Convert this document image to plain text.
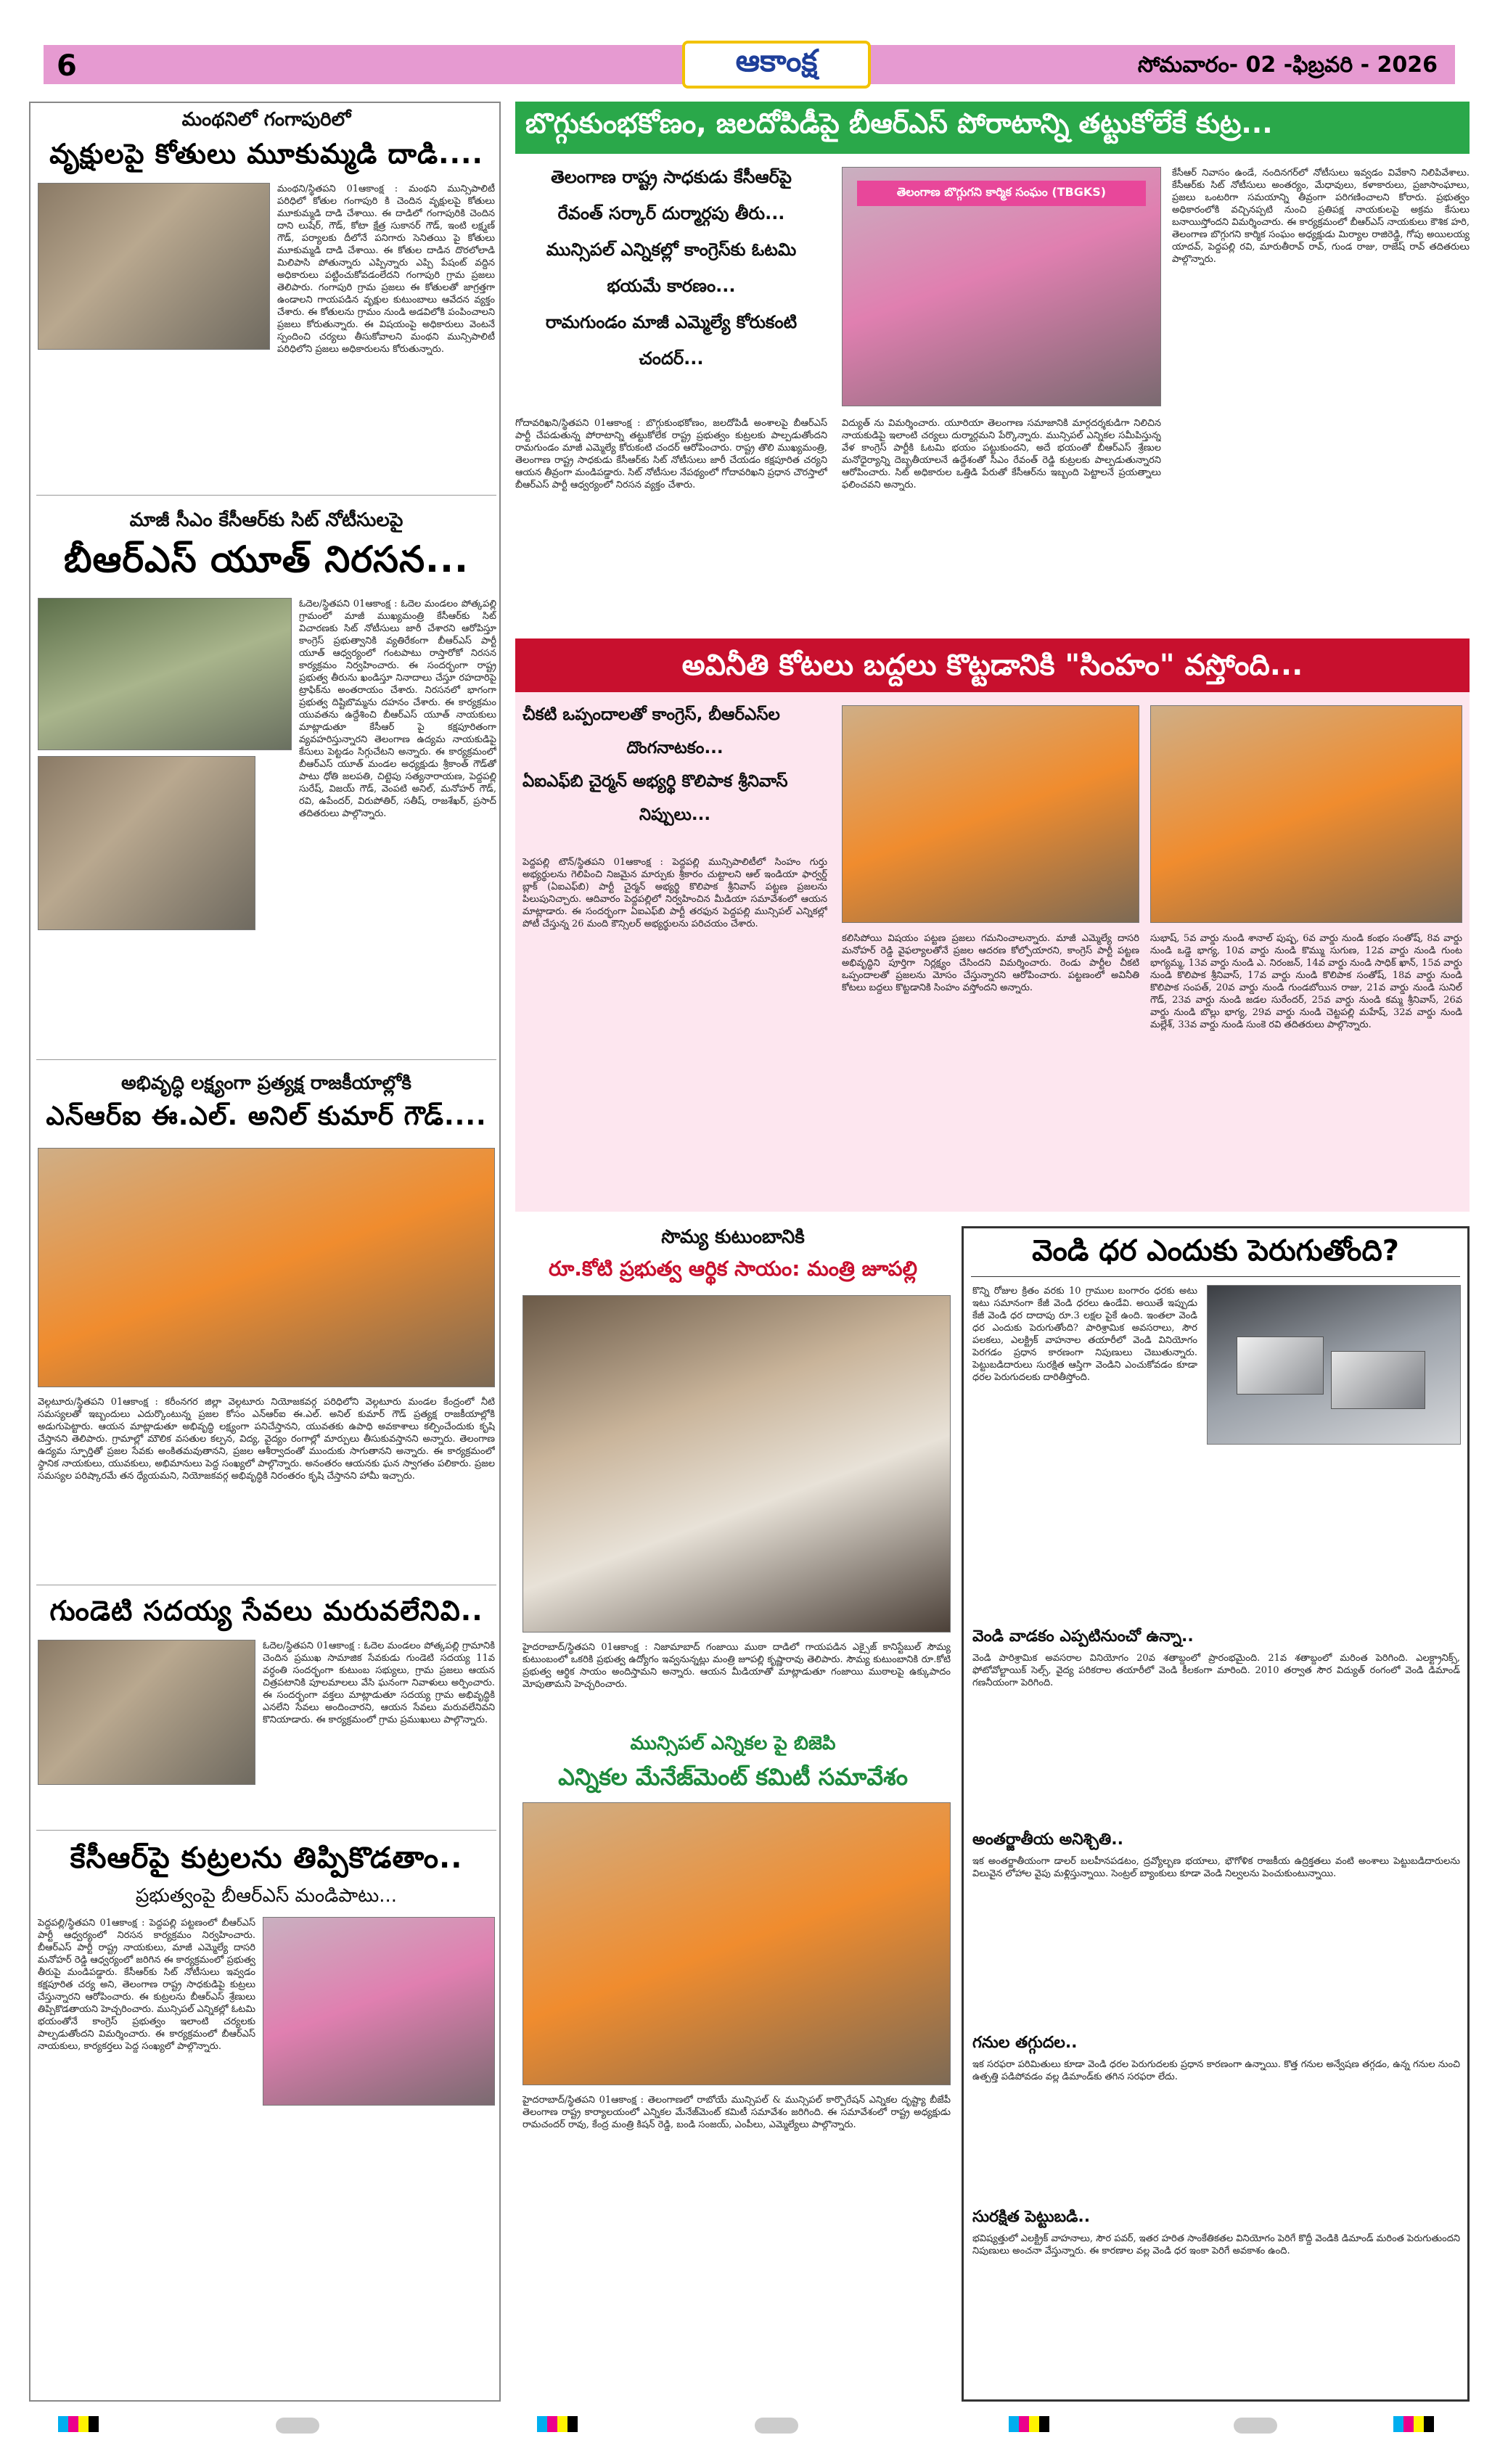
6	ఆకాంక్ష	సోమవారం- 02 -ఫిబ్రవరి - 2026
మంథనిలో గంగాపురిలో
వృక్షులపై కోతులు మూకుమ్మడి దాడి....
మంథని/స్థితపని 01ఆకాంక్ష : మంథని మున్సిపాలిటీ పరిధిలో కోతుల గంగాపురి కి చెందిన వృక్షులపై కోతులు మూకుమ్మడి దాడి చేశాయి. ఈ దాడిలో గంగాపురికి చెందిన దాని లుషేర్, గౌడ్, కోటా క్షేత్ర సుకానర్ గౌడ్, ఇంటి లక్ష్మణ్ గౌడ్, పర్యాలకు దీలోనే పనిగారు సెనితయి పై కోతులు మూకుమ్మడి దాడి చేశాయి. ఈ కోతుల దాడిన దొరలోలాడి మిలిపాసి పోతున్నారు ఎప్పిన్నారు ఎప్పి పేషంట్ వద్దిన అధికారులు పట్టించుకోవడంలేదని గంగాపురి గ్రామ ప్రజలు తెలిపారు. గంగాపురి గ్రామ ప్రజలు ఈ కోతులతో జాగ్రత్తగా ఉండాలని గాయపడిన వృక్షుల కుటుంబాలు ఆవేదన వ్యక్తం చేశారు. ఈ కోతులను గ్రామం నుండి అడవిలోకి పంపించాలని ప్రజలు కోరుతున్నారు. ఈ విషయంపై అధికారులు వెంటనే స్పందించి చర్యలు తీసుకోవాలని మంథని మున్సిపాలిటీ పరిధిలోని ప్రజలు అధికారులను కోరుతున్నారు.
మాజీ సీఎం కేసీఆర్‌కు సిట్ నోటీసులపై
బీఆర్ఎస్ యూత్ నిరసన...
ఓదెల/స్థితపని 01ఆకాంక్ష : ఓదెల మండలం పోత్కపల్లి గ్రామంలో మాజీ ముఖ్యమంత్రి కేసీఆర్‌కు సిట్ విచారణకు సిట్ నోటీసులు జారీ చేశారని ఆరోపిస్తూ కాంగ్రెస్ ప్రభుత్వానికి వ్యతిరేకంగా బీఆర్ఎస్ పార్టీ యూత్ ఆధ్వర్యంలో గంటపాటు రాస్తారోకో నిరసన కార్యక్రమం నిర్వహించారు. ఈ సందర్భంగా రాష్ట్ర ప్రభుత్వ తీరును ఖండిస్తూ నినాదాలు చేస్తూ రహదారిపై ట్రాఫిక్‌ను అంతరాయం చేశారు. నిరసనలో భాగంగా ప్రభుత్వ దిష్టిబొమ్మను దహనం చేశారు. ఈ కార్యక్రమం యువతను ఉద్దేశించి బీఆర్ఎస్ యూత్ నాయకులు మాట్లాడుతూ కేసీఆర్ పై కక్షపూరితంగా వ్యవహరిస్తున్నారని తెలంగాణ ఉద్యమ నాయకుడిపై కేసులు పెట్టడం సిగ్గుచేటని అన్నారు. ఈ కార్యక్రమంలో బీఆర్ఎస్ యూత్ మండల అధ్యక్షుడు శ్రీకాంత్ గౌడ్‌తో పాటు ధోతి జలపతి, చిట్టెపు సత్యనారాయణ, పెద్దపల్లి సురేష్, విజయ్ గౌడ్, వెంపటి అనిల్, మనోహర్ గౌడ్, రవి, ఉపేందర్, విరుపోతిర్, సతీష్, రాజశేఖర్, ప్రసాద్ తదితరులు పాల్గొన్నారు.
అభివృద్ధి లక్ష్యంగా ప్రత్యక్ష రాజకీయాల్లోకి
ఎన్ఆర్ఐ ఈ.ఎల్. అనిల్ కుమార్ గౌడ్....
వెల్గటూరు/స్థితపని 01ఆకాంక్ష : కరీంనగర జిల్లా వెల్గటూరు నియోజకవర్గ పరిధిలోని వెల్గటూరు మండల కేంద్రంలో నీటి సమస్యలతో ఇబ్బందులు ఎదుర్కొంటున్న ప్రజల కోసం ఎన్ఆర్ఐ ఈ.ఎల్. అనిల్ కుమార్ గౌడ్ ప్రత్యక్ష రాజకీయాల్లోకి అడుగుపెట్టారు. ఆయన మాట్లాడుతూ అభివృద్ధి లక్ష్యంగా పనిచేస్తానని, యువతకు ఉపాధి అవకాశాలు కల్పించేందుకు కృషి చేస్తానని తెలిపారు. గ్రామాల్లో మౌలిక వసతుల కల్పన, విద్య, వైద్యం రంగాల్లో మార్పులు తీసుకువస్తానని అన్నారు. తెలంగాణ ఉద్యమ స్ఫూర్తితో ప్రజల సేవకు అంకితమవుతానని, ప్రజల ఆశీర్వాదంతో ముందుకు సాగుతానని అన్నారు. ఈ కార్యక్రమంలో స్థానిక నాయకులు, యువకులు, అభిమానులు పెద్ద సంఖ్యలో పాల్గొన్నారు. అనంతరం ఆయనకు ఘన స్వాగతం పలికారు. ప్రజల సమస్యల పరిష్కారమే తన ధ్యేయమని, నియోజకవర్గ అభివృద్ధికి నిరంతరం కృషి చేస్తానని హామీ ఇచ్చారు.
గుండెటి సదయ్య సేవలు మరువలేనివి..
ఓదెల/స్థితపని 01ఆకాంక్ష : ఓదెల మండలం పోత్కపల్లి గ్రామానికి చెందిన ప్రముఖ సామాజిక సేవకుడు గుండెటి సదయ్య 11వ వర్ధంతి సందర్భంగా కుటుంబ సభ్యులు, గ్రామ ప్రజలు ఆయన చిత్రపటానికి పూలమాలలు వేసి ఘనంగా నివాళులు అర్పించారు. ఈ సందర్భంగా వక్తలు మాట్లాడుతూ సదయ్య గ్రామ అభివృద్ధికి ఎనలేని సేవలు అందించారని, ఆయన సేవలు మరువలేనివని కొనియాడారు. ఈ కార్యక్రమంలో గ్రామ ప్రముఖులు పాల్గొన్నారు.
కేసీఆర్‌పై కుట్రలను తిప్పికొడతాం..
ప్రభుత్వంపై బీఆర్ఎస్ మండిపాటు...
పెద్దపల్లి/స్థితపని 01ఆకాంక్ష : పెద్దపల్లి పట్టణంలో బీఆర్ఎస్ పార్టీ ఆధ్వర్యంలో నిరసన కార్యక్రమం నిర్వహించారు. బీఆర్ఎస్ పార్టీ రాష్ట్ర నాయకులు, మాజీ ఎమ్మెల్యే దాసరి మనోహర్ రెడ్డి ఆధ్వర్యంలో జరిగిన ఈ కార్యక్రమంలో ప్రభుత్వ తీరుపై మండిపడ్డారు. కేసీఆర్‌కు సిట్ నోటీసులు ఇవ్వడం కక్షపూరిత చర్య అని, తెలంగాణ రాష్ట్ర సాధకుడిపై కుట్రలు చేస్తున్నారని ఆరోపించారు. ఈ కుట్రలను బీఆర్ఎస్ శ్రేణులు తిప్పికొడతాయని హెచ్చరించారు. మున్సిపల్ ఎన్నికల్లో ఓటమి భయంతోనే కాంగ్రెస్ ప్రభుత్వం ఇలాంటి చర్యలకు పాల్పడుతోందని విమర్శించారు. ఈ కార్యక్రమంలో బీఆర్ఎస్ నాయకులు, కార్యకర్తలు పెద్ద సంఖ్యలో పాల్గొన్నారు.
బొగ్గుకుంభకోణం, జలదోపిడీపై బీఆర్ఎస్ పోరాటాన్ని తట్టుకోలేకే కుట్ర...
తెలంగాణ రాష్ట్ర సాధకుడు కేసీఆర్‌పై
రేవంత్ సర్కార్ దుర్మార్గపు తీరు...
మున్సిపల్ ఎన్నికల్లో కాంగ్రెస్‌కు ఓటమి
భయమే కారణం...
రామగుండం మాజీ ఎమ్మెల్యే కోరుకంటి
చందర్...
తెలంగాణ బొగ్గుగని కార్మిక సంఘం (TBGKS)
గోదావరిఖని/స్థితపని 01ఆకాంక్ష : బొగ్గుకుంభకోణం, జలదోపిడీ అంశాలపై బీఆర్ఎస్ పార్టీ చేపడుతున్న పోరాటాన్ని తట్టుకోలేక రాష్ట్ర ప్రభుత్వం కుట్రలకు పాల్పడుతోందని రామగుండం మాజీ ఎమ్మెల్యే కోరుకంటి చందర్ ఆరోపించారు. రాష్ట్ర తొలి ముఖ్యమంత్రి, తెలంగాణ రాష్ట్ర సాధకుడు కేసీఆర్‌కు సిట్ నోటీసులు జారీ చేయడం కక్షపూరిత చర్యని ఆయన తీవ్రంగా మండిపడ్డారు. సిట్ నోటీసుల నేపథ్యంలో గోదావరిఖని ప్రధాన చౌరస్తాలో బీఆర్ఎస్ పార్టీ ఆధ్వర్యంలో నిరసన వ్యక్తం చేశారు.
విద్యుత్ ను విమర్శించారు. యూరియా తెలంగాణ సమాజానికి మార్గదర్శకుడిగా నిలిచిన నాయకుడిపై ఇలాంటి చర్యలు దుర్మార్గమని పేర్కొన్నారు. మున్సిపల్ ఎన్నికల సమీపిస్తున్న వేళ కాంగ్రెస్ పార్టీకి ఓటమి భయం పట్టుకుందని, అదే భయంతో బీఆర్ఎస్ శ్రేణుల మనోధైర్యాన్ని దెబ్బతీయాలనే ఉద్దేశంతో సీఎం రేవంత్ రెడ్డి కుట్రలకు పాల్పడుతున్నారని ఆరోపించారు. సిట్ అధికారుల ఒత్తిడి పేరుతో కేసీఆర్‌ను ఇబ్బంది పెట్టాలనే ప్రయత్నాలు ఫలించవని అన్నారు.
కేసీఆర్ నివాసం ఉండే, నందినగర్‌లో నోటీసులు ఇవ్వడం వివేకాని నిలిపివేశాలు. కేసీఆర్‌కు సిట్ నోటీసులు అంతర్యం, మేధావులు, కళాకారులు, ప్రజాసాంఘాలు, ప్రజలు ఒంటరిగా సమయాన్ని తీవ్రంగా పరిగణించాలని కోరారు. ప్రభుత్వం అధికారంలోకి వచ్చినప్పటి నుంచి ప్రతిపక్ష నాయకులపై అక్రమ కేసులు బనాయిస్తోందని విమర్శించారు. ఈ కార్యక్రమంలో బీఆర్ఎస్ నాయకులు కౌశిక హరి, తెలంగాణ బొగ్గుగని కార్మిక సంఘం అధ్యక్షుడు మిర్యాల రాజిరెడ్డి, గోపు అయిలయ్య యాదవ్, పెద్దపల్లి రవి, మారుతీరావ్ రావ్, గుండ రాజు, రాజేష్ రావ్ తదితరులు పాల్గొన్నారు.
అవినీతి కోటలు బద్దలు కొట్టడానికి "సింహం" వస్తోంది...
చీకటి ఒప్పందాలతో కాంగ్రెస్, బీఆర్ఎస్‌ల
దొంగనాటకం...
ఏఐఎఫ్‌బి చైర్మన్ అభ్యర్థి కొలిపాక శ్రీనివాస్
నిప్పులు...
పెద్దపల్లి టౌన్/స్థితపని 01ఆకాంక్ష : పెద్దపల్లి మున్సిపాలిటీలో సింహం గుర్తు అభ్యర్థులను గెలిపించి నిజమైన మార్పుకు శ్రీకారం చుట్టాలని ఆల్ ఇండియా ఫార్వర్డ్ బ్లాక్ (ఏఐఎఫ్‌బి) పార్టీ చైర్మన్ అభ్యర్థి కొలిపాక శ్రీనివాస్ పట్టణ ప్రజలను పిలుపునిచ్చారు. ఆదివారం పెద్దపల్లిలో నిర్వహించిన మీడియా సమావేశంలో ఆయన మాట్లాడారు. ఈ సందర్భంగా ఏఐఎఫ్‌బి పార్టీ తరఫున పెద్దపల్లి మున్సిపల్ ఎన్నికల్లో పోటీ చేస్తున్న 26 మంది కౌన్సిలర్ అభ్యర్థులను పరిచయం చేశారు.
కలిసిపోయి విషయం పట్టణ ప్రజలు గమనించాలన్నారు. మాజీ ఎమ్మెల్యే దాసరి మనోహర్ రెడ్డి వైఫల్యాలతోనే ప్రజల ఆదరణ కోల్పోయారని, కాంగ్రెస్ పార్టీ పట్టణ అభివృద్ధిని పూర్తిగా నిర్లక్ష్యం చేసిందని విమర్శించారు. రెండు పార్టీల చీకటి ఒప్పందాలతో ప్రజలను మోసం చేస్తున్నారని ఆరోపించారు. పట్టణంలో అవినీతి కోటలు బద్దలు కొట్టడానికి సింహం వస్తోందని అన్నారు.
సుభాష్, 5వ వార్డు నుండి శానాల్ పుష్ప, 6వ వార్డు నుండి కంభం సంతోష్, 8వ వార్డు నుండి ఒడ్డె భాగ్య, 10వ వార్డు నుండి కొమ్ము సుగుణ, 12వ వార్డు నుండి గుంట భాగ్యమ్మ, 13వ వార్డు నుండి ఎ. నిరంజన్, 14వ వార్డు నుండి సాధిక్ ఖాన్, 15వ వార్డు నుండి కొలిపాక శ్రీనివాస్, 17వ వార్డు నుండి కొలిపాక సంతోష్, 18వ వార్డు నుండి కొలిపాక సంపత్, 20వ వార్డు నుండి గుండబోయిన రాజు, 21వ వార్డు నుండి సునిల్ గౌడ్, 23వ వార్డు నుండి జడల సురేందర్, 25వ వార్డు నుండి కమ్మ శ్రీనివాస్, 26వ వార్డు నుండి బొల్లు భాగ్య, 29వ వార్డు నుండి చెట్టపల్లి మహేష్, 32వ వార్డు నుండి మల్లేశ్, 33వ వార్డు నుండి సుంకె రవి తదితరులు పాల్గొన్నారు.
సొమ్య కుటుంబానికి
రూ.కోటి ప్రభుత్వ ఆర్థిక సాయం: మంత్రి జూపల్లి
హైదరాబాద్/స్థితపని 01ఆకాంక్ష : నిజామాబాద్ గంజాయి ముఠా దాడిలో గాయపడిన ఎక్సైజ్ కానిస్టేబుల్ సౌమ్య కుటుంబంలో ఒకరికి ప్రభుత్వ ఉద్యోగం ఇవ్వనున్నట్లు మంత్రి జూపల్లి కృష్ణారావు తెలిపారు. సౌమ్య కుటుంబానికి రూ.కోటి ప్రభుత్వ ఆర్థిక సాయం అందిస్తామని అన్నారు. ఆయన మీడియాతో మాట్లాడుతూ గంజాయి ముఠాలపై ఉక్కుపాదం మోపుతామని హెచ్చరించారు.
మున్సిపల్ ఎన్నికల పై బిజెపి
ఎన్నికల మేనేజ్‌మెంట్ కమిటీ సమావేశం
హైదరాబాద్/స్థితపని 01ఆకాంక్ష : తెలంగాణలో రాబోయే మున్సిపల్ & మున్సిపల్ కార్పొరేషన్ ఎన్నికల దృష్ట్యా బీజేపీ తెలంగాణ రాష్ట్ర కార్యాలయంలో ఎన్నికల మేనేజ్‌మెంట్ కమిటీ సమావేశం జరిగింది. ఈ సమావేశంలో రాష్ట్ర అధ్యక్షుడు రామచందర్ రావు, కేంద్ర మంత్రి కిషన్ రెడ్డి, బండి సంజయ్, ఎంపీలు, ఎమ్మెల్యేలు పాల్గొన్నారు.
వెండి ధర ఎందుకు పెరుగుతోంది?
కొన్ని రోజుల క్రితం వరకు 10 గ్రాముల బంగారం ధరకు అటు ఇటు సమానంగా కేజీ వెండి ధరలు ఉండేవి. అయితే ఇప్పుడు కేజీ వెండి ధర దాదాపు రూ.3 లక్షల పైకే ఉంది. ఇంతలా వెండి ధర ఎందుకు పెరుగుతోంది? పారిశ్రామిక అవసరాలు, సౌర పలకలు, ఎలక్ట్రిక్ వాహనాల తయారీలో వెండి వినియోగం పెరగడం ప్రధాన కారణంగా నిపుణులు చెబుతున్నారు. పెట్టుబడిదారులు సురక్షిత ఆస్తిగా వెండిని ఎంచుకోవడం కూడా ధరల పెరుగుదలకు దారితీస్తోంది.
వెండి వాడకం ఎప్పటినుంచో ఉన్నా..
వెండి పారిశ్రామిక అవసరాల వినియోగం 20వ శతాబ్దంలో ప్రారంభమైంది. 21వ శతాబ్దంలో మరింత పెరిగింది. ఎలక్ట్రానిక్స్, ఫోటోవోల్టాయిక్ సెల్స్, వైద్య పరికరాల తయారీలో వెండి కీలకంగా మారింది. 2010 తర్వాత సౌర విద్యుత్ రంగంలో వెండి డిమాండ్ గణనీయంగా పెరిగింది.
అంతర్జాతీయ అనిశ్చితి..
ఇక అంతర్జాతీయంగా డాలర్ బలహీనపడటం, ద్రవ్యోల్బణ భయాలు, భౌగోళిక రాజకీయ ఉద్రిక్తతలు వంటి అంశాలు పెట్టుబడిదారులను విలువైన లోహాల వైపు మళ్లిస్తున్నాయి. సెంట్రల్ బ్యాంకులు కూడా వెండి నిల్వలను పెంచుకుంటున్నాయి.
గనుల తగ్గుదల..
ఇక సరఫరా పరిమితులు కూడా వెండి ధరల పెరుగుదలకు ప్రధాన కారణంగా ఉన్నాయి. కొత్త గనుల అన్వేషణ తగ్గడం, ఉన్న గనుల నుంచి ఉత్పత్తి పడిపోవడం వల్ల డిమాండ్‌కు తగిన సరఫరా లేదు.
సురక్షిత పెట్టుబడి..
భవిష్యత్తులో ఎలక్ట్రిక్ వాహనాలు, సౌర పవర్, ఇతర హరిత సాంకేతికతల వినియోగం పెరిగే కొద్దీ వెండికి డిమాండ్ మరింత పెరుగుతుందని నిపుణులు అంచనా వేస్తున్నారు. ఈ కారణాల వల్ల వెండి ధర ఇంకా పెరిగే అవకాశం ఉంది.
